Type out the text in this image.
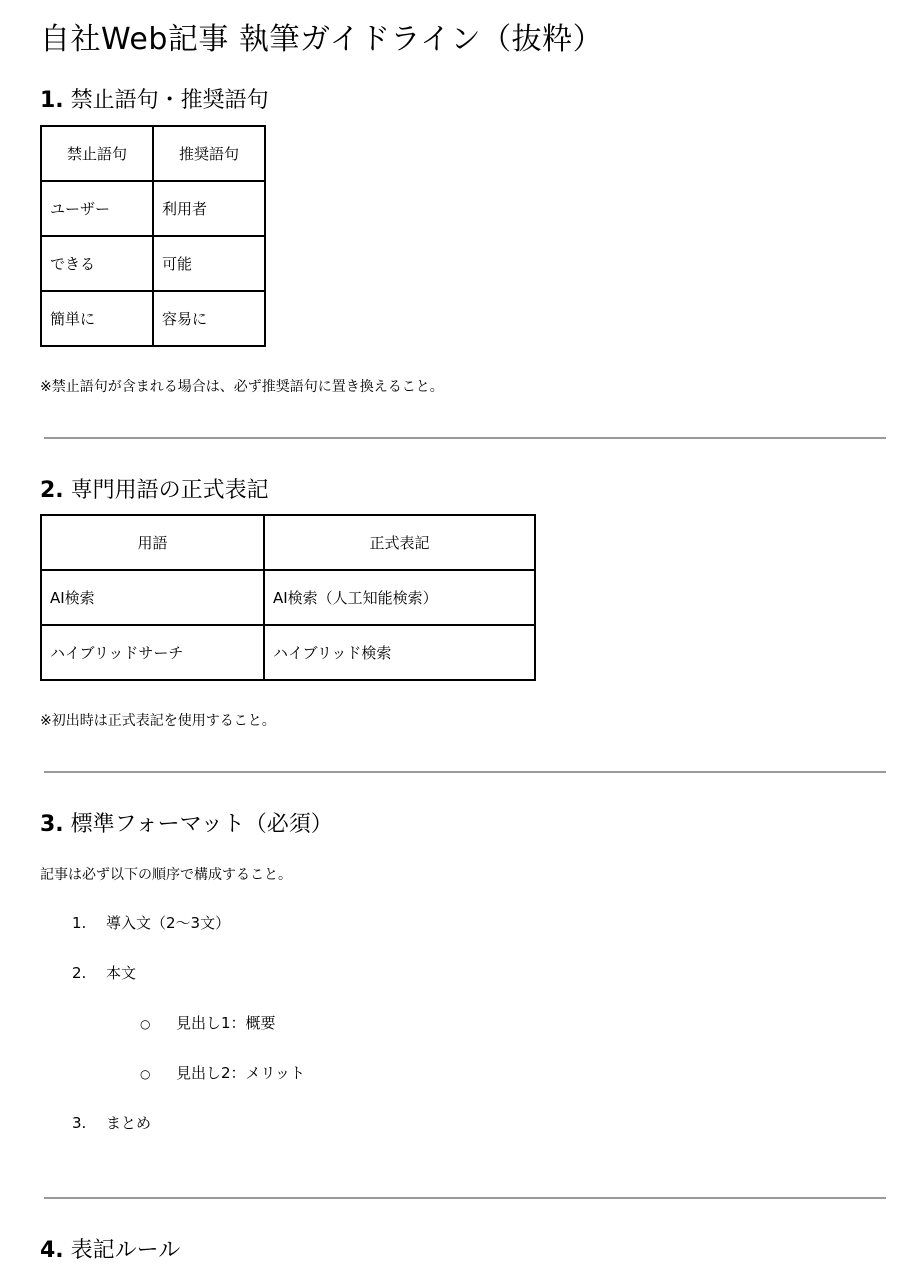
自社Web記事 執筆ガイドライン（抜粋）
1. 禁止語句・推奨語句
禁止語句	推奨語句
ユーザー	利用者
できる	可能
簡単に	容易に

※禁止語句が含まれる場合は、必ず推奨語句に置き換えること。

2. 専門用語の正式表記
用語	正式表記
AI検索	AI検索（人工知能検索）
ハイブリッドサーチ	ハイブリッド検索

※初出時は正式表記を使用すること。

3. 標準フォーマット（必須）

記事は必ず以下の順序で構成すること。

1. 導入文（2〜3文）
2. 本文
○ 見出し1：概要
○ 見出し2：メリット
3. まとめ
4. 表記ルール
